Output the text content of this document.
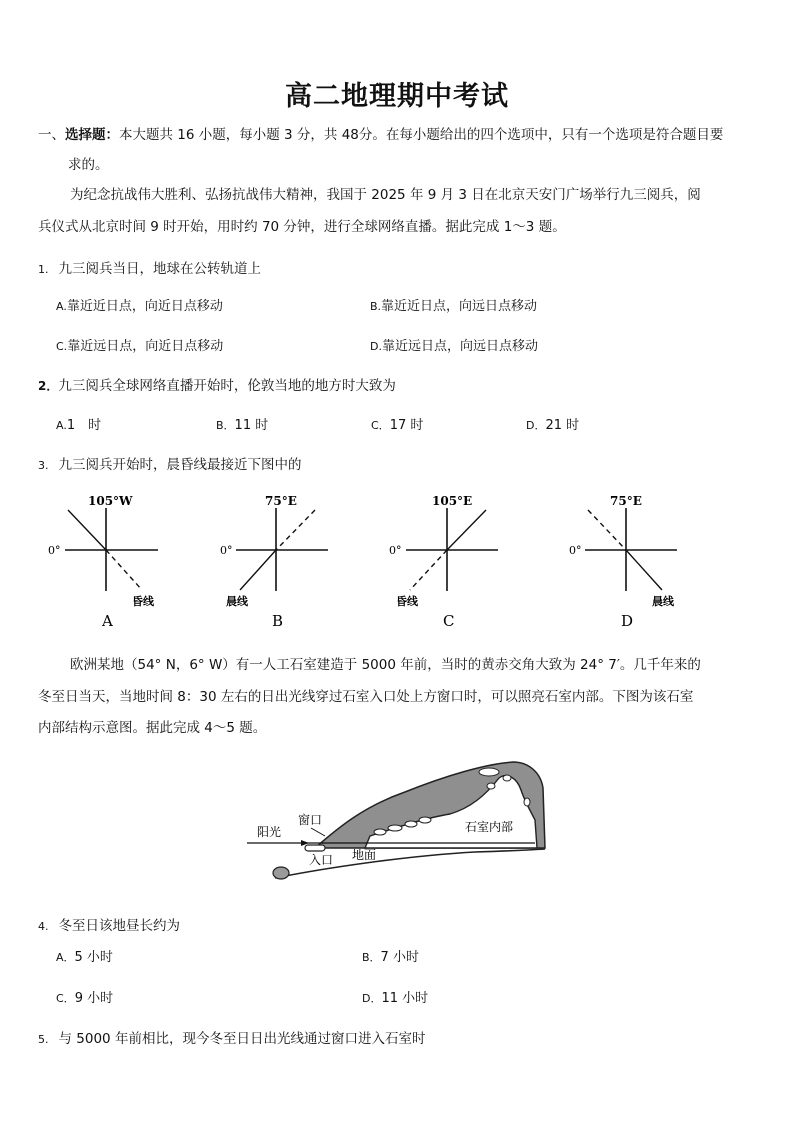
高二地理期中考试
一、选择题：本大题共 16 小题，每小题 3 分，共 48分。在每小题给出的四个选项中，只有一个选项是符合题目要
求的。
为纪念抗战伟大胜利、弘扬抗战伟大精神，我国于 2025 年 9 月 3 日在北京天安门广场举行九三阅兵，阅
兵仪式从北京时间 9 时开始，用时约 70 分钟，进行全球网络直播。据此完成 1～3 题。
1. 九三阅兵当日，地球在公转轨道上
A.靠近近日点，向近日点移动	B.靠近近日点，向远日点移动
C.靠近远日点，向近日点移动	D.靠近远日点，向远日点移动
2．九三阅兵全球网络直播开始时，伦敦当地的地方时大致为
A.1　时	B．11 时	C．17 时	D．21 时
3. 九三阅兵开始时，晨昏线最接近下图中的
105°W
0°
昏线
A
75°E
0°
晨线
B
105°E
0°
昏线
C
75°E
0°
晨线
D
欧洲某地（54° N，6° W）有一人工石室建造于 5000 年前，当时的黄赤交角大致为 24° 7′。几千年来的
冬至日当天，当地时间 8：30 左右的日出光线穿过石室入口处上方窗口时，可以照亮石室内部。下图为该石室
内部结构示意图。据此完成 4～5 题。
阳光
窗口
入口 地面
石室内部
4. 冬至日该地昼长约为
A．5 小时	B．7 小时
C．9 小时	D．11 小时
5. 与 5000 年前相比，现今冬至日日出光线通过窗口进入石室时
